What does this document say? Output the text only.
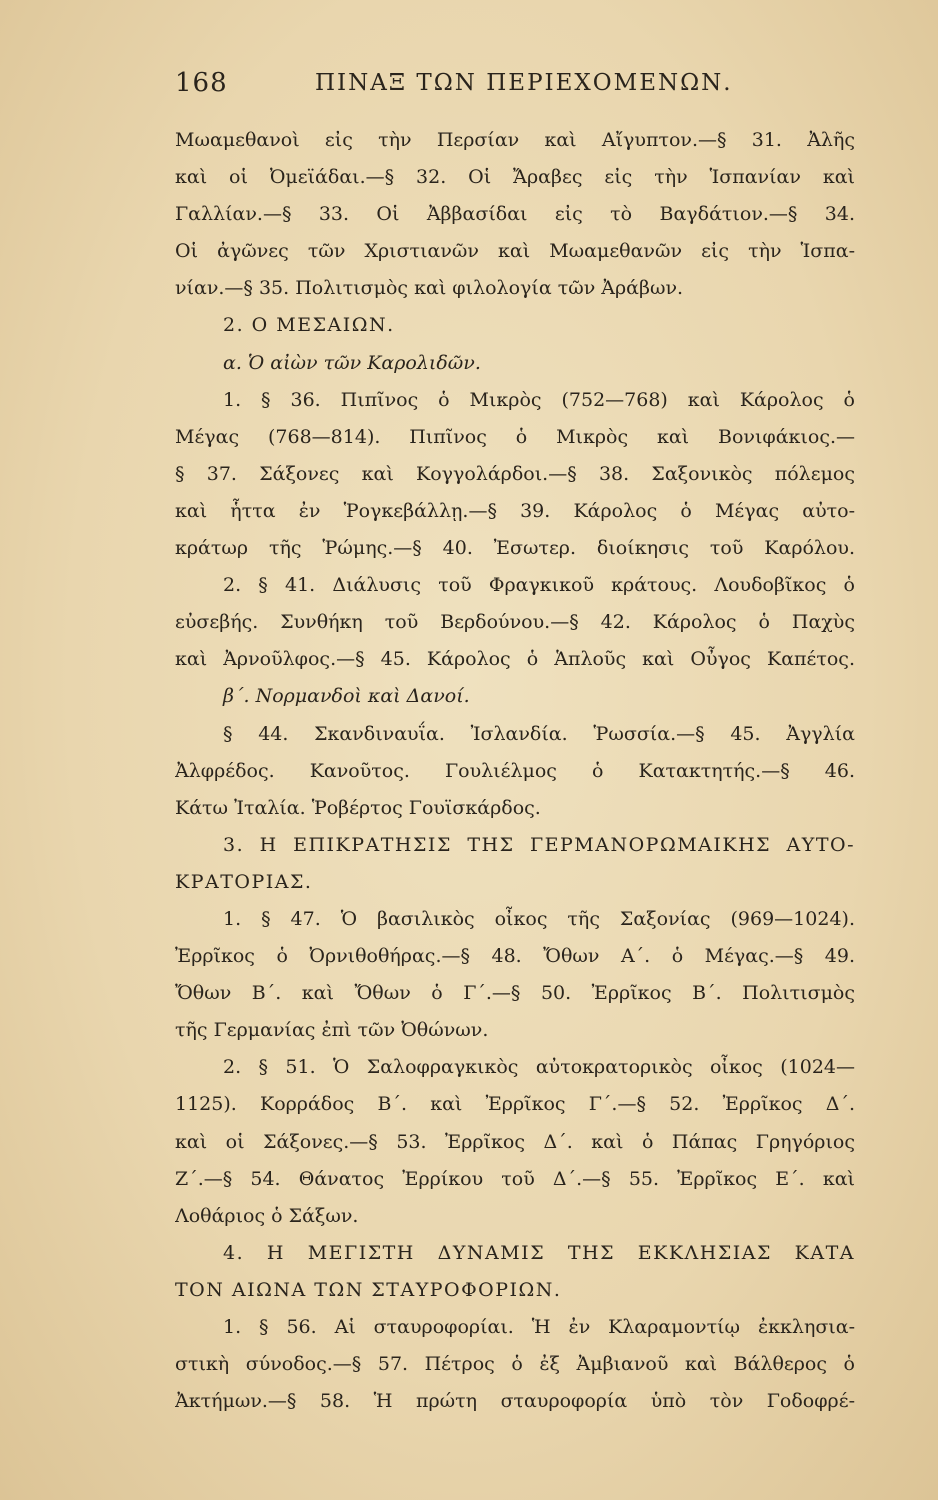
168	ΠΙΝΑΞ ΤΩΝ ΠΕΡΙΕΧΟΜΕΝΩΝ.
Μωαμεθανοὶ εἰς τὴν Περσίαν καὶ Αἴγυπτον.—§ 31. Ἀλῆς
καὶ οἱ Ὀμεϊάδαι.—§ 32. Οἱ Ἄραβες εἰς τὴν Ἱσπανίαν καὶ
Γαλλίαν.—§ 33. Οἱ Ἀββασίδαι εἰς τὸ Βαγδάτιον.—§ 34.
Οἱ ἀγῶνες τῶν Χριστιανῶν καὶ Μωαμεθανῶν εἰς τὴν Ἱσπα-
νίαν.—§ 35. Πολιτισμὸς καὶ φιλολογία τῶν Ἀράβων.
2. Ο ΜΕΣΑΙΩΝ.
α. Ὁ αἰὼν τῶν Καρολιδῶν.
1. § 36. Πιπῖνος ὁ Μικρὸς (752—768) καὶ Κάρολος ὁ
Μέγας (768—814). Πιπῖνος ὁ Μικρὸς καὶ Βονιφάκιος.—
§ 37. Σάξονες καὶ Κογγολάρδοι.—§ 38. Σαξονικὸς πόλεμος
καὶ ἧττα ἐν Ῥογκεβάλλῃ.—§ 39. Κάρολος ὁ Μέγας αὐτο-
κράτωρ τῆς Ῥώμης.—§ 40. Ἐσωτερ. διοίκησις τοῦ Καρόλου.
2. § 41. Διάλυσις τοῦ Φραγκικοῦ κράτους. Λουδοβῖκος ὁ
εὐσεβής. Συνθήκη τοῦ Βερδούνου.—§ 42. Κάρολος ὁ Παχὺς
καὶ Ἀρνοῦλφος.—§ 45. Κάρολος ὁ Ἁπλοῦς καὶ Οὖγος Καπέτος.
β΄. Νορμανδοὶ καὶ Δανοί.
§ 44. Σκανδιναυΐα. Ἰσλανδία. Ῥωσσία.—§ 45. Ἀγγλία
Ἀλφρέδος. Κανοῦτος. Γουλιέλμος ὁ Κατακτητής.—§ 46.
Κάτω Ἰταλία. Ῥοβέρτος Γουϊσκάρδος.
3. Η ΕΠΙΚΡΑΤΗΣΙΣ ΤΗΣ ΓΕΡΜΑΝΟΡΩΜΑΙΚΗΣ ΑΥΤΟ-
ΚΡΑΤΟΡΙΑΣ.
1. § 47. Ὁ βασιλικὸς οἶκος τῆς Σαξονίας (969—1024).
Ἐρρῖκος ὁ Ὀρνιθοθήρας.—§ 48. Ὄθων Α΄. ὁ Μέγας.—§ 49.
Ὄθων Β΄. καὶ Ὄθων ὁ Γ΄.—§ 50. Ἐρρῖκος Β΄. Πολιτισμὸς
τῆς Γερμανίας ἐπὶ τῶν Ὀθώνων.
2. § 51. Ὁ Σαλοφραγκικὸς αὐτοκρατορικὸς οἶκος (1024—
1125). Κορράδος Β΄. καὶ Ἐρρῖκος Γ΄.—§ 52. Ἐρρῖκος Δ΄.
καὶ οἱ Σάξονες.—§ 53. Ἐρρῖκος Δ΄. καὶ ὁ Πάπας Γρηγόριος
Ζ΄.—§ 54. Θάνατος Ἐρρίκου τοῦ Δ΄.—§ 55. Ἐρρῖκος Ε΄. καὶ
Λοθάριος ὁ Σάξων.
4. Η ΜΕΓΙΣΤΗ ΔΥΝΑΜΙΣ ΤΗΣ ΕΚΚΛΗΣΙΑΣ ΚΑΤΑ
ΤΟΝ ΑΙΩΝΑ ΤΩΝ ΣΤΑΥΡΟΦΟΡΙΩΝ.
1. § 56. Αἱ σταυροφορίαι. Ἡ ἐν Κλαραμοντίῳ ἐκκλησια-
στικὴ σύνοδος.—§ 57. Πέτρος ὁ ἐξ Ἀμβιανοῦ καὶ Βάλθερος ὁ
Ἀκτήμων.—§ 58. Ἡ πρώτη σταυροφορία ὑπὸ τὸν Γοδοφρέ-
